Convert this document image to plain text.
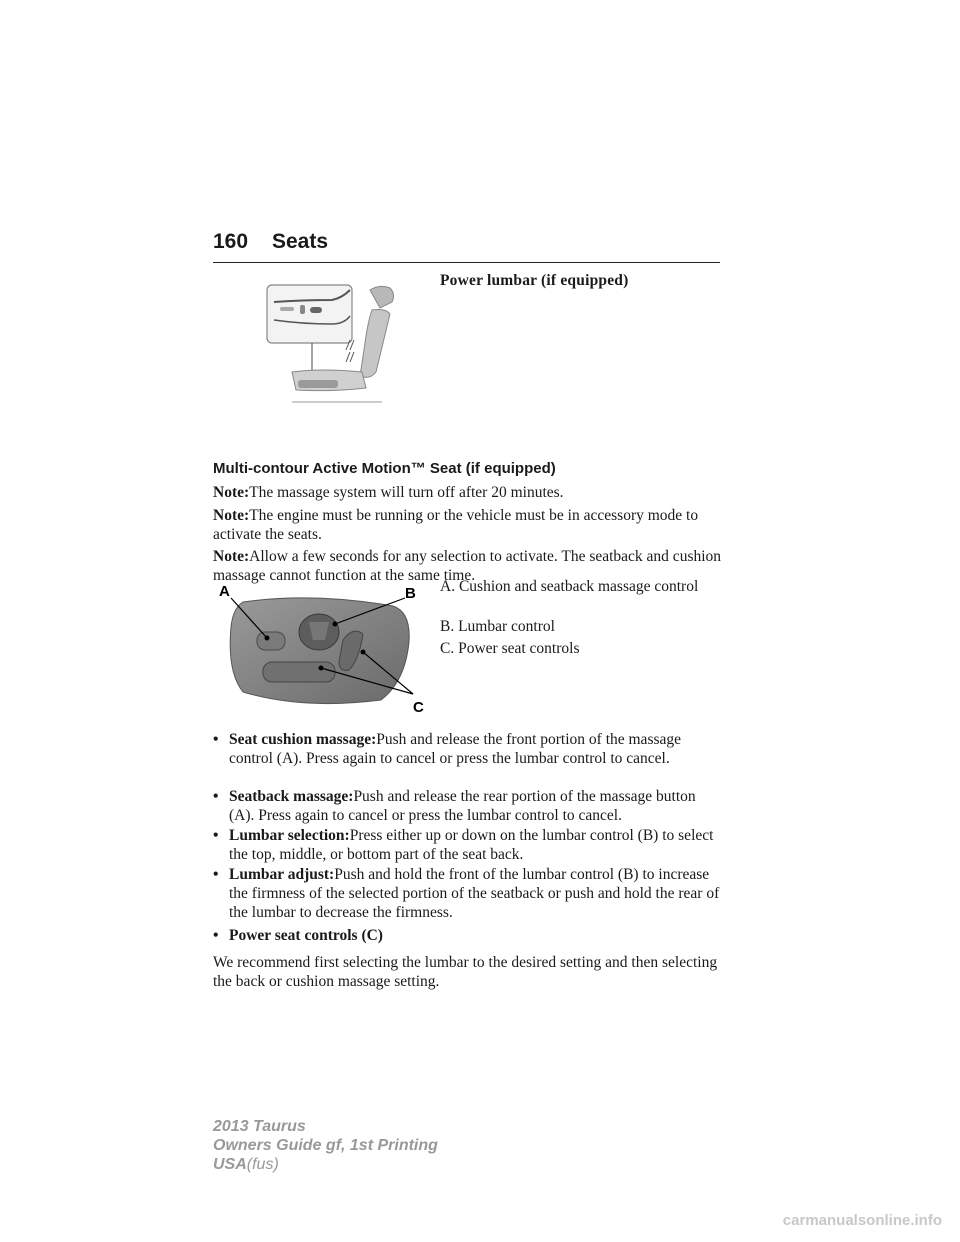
160 Seats
Power lumbar (if equipped)
Multi-contour Active Motion™ Seat (if equipped)

Note:The massage system will turn off after 20 minutes.

Note:The engine must be running or the vehicle must be in accessory mode to activate the seats.

Note:Allow a few seconds for any selection to activate. The seatback and cushion massage cannot function at the same time.

A	B
C
A. Cushion and seatback massage control
B. Lumbar control
C. Power seat controls
• Seat cushion massage:Push and release the front portion of the massage control (A). Press again to cancel or press the lumbar control to cancel.
• Seatback massage:Push and release the rear portion of the massage button (A). Press again to cancel or press the lumbar control to cancel.
• Lumbar selection:Press either up or down on the lumbar control (B) to select the top, middle, or bottom part of the seat back.
• Lumbar adjust:Push and hold the front of the lumbar control (B) to increase the firmness of the selected portion of the seatback or push and hold the rear of the lumbar to decrease the firmness.
• Power seat controls (C)

We recommend first selecting the lumbar to the desired setting and then selecting the back or cushion massage setting.

2013 Taurus
Owners Guide gf, 1st Printing
USA(fus)
carmanualsonline.info
